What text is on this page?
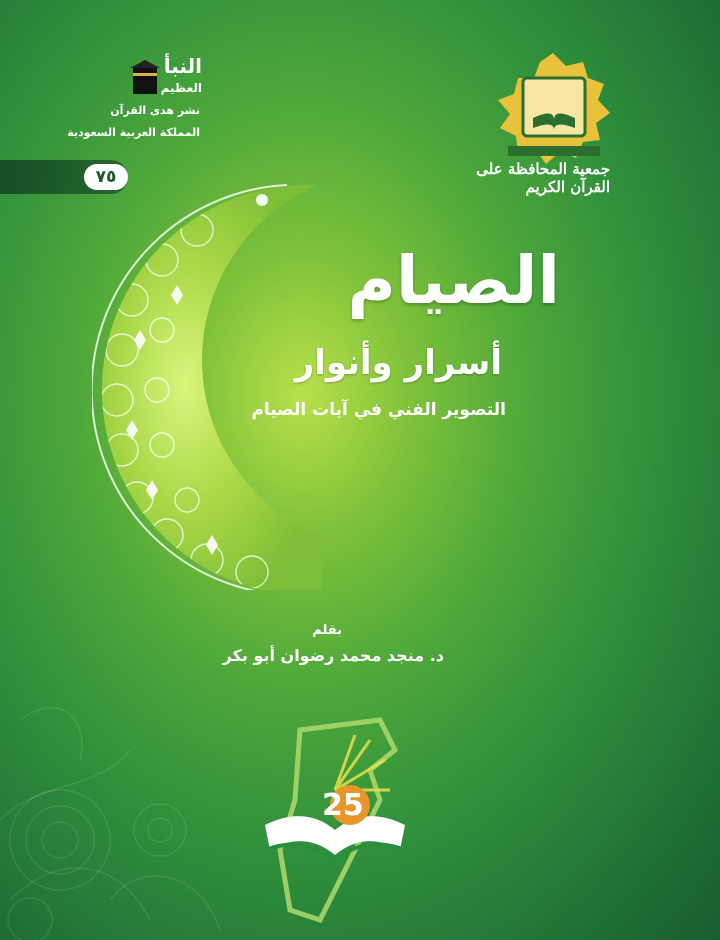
٧٥
النبأ
العظيم
نشر هدى القرآن
المملكة العربية السعودية
جمعية المحافظة على القرآن الكريم
الصيام
أسرار وأنوار
التصوير الفني في آيات الصيام
بقلم
د. منجد محمد رضوان أبو بكر
25
